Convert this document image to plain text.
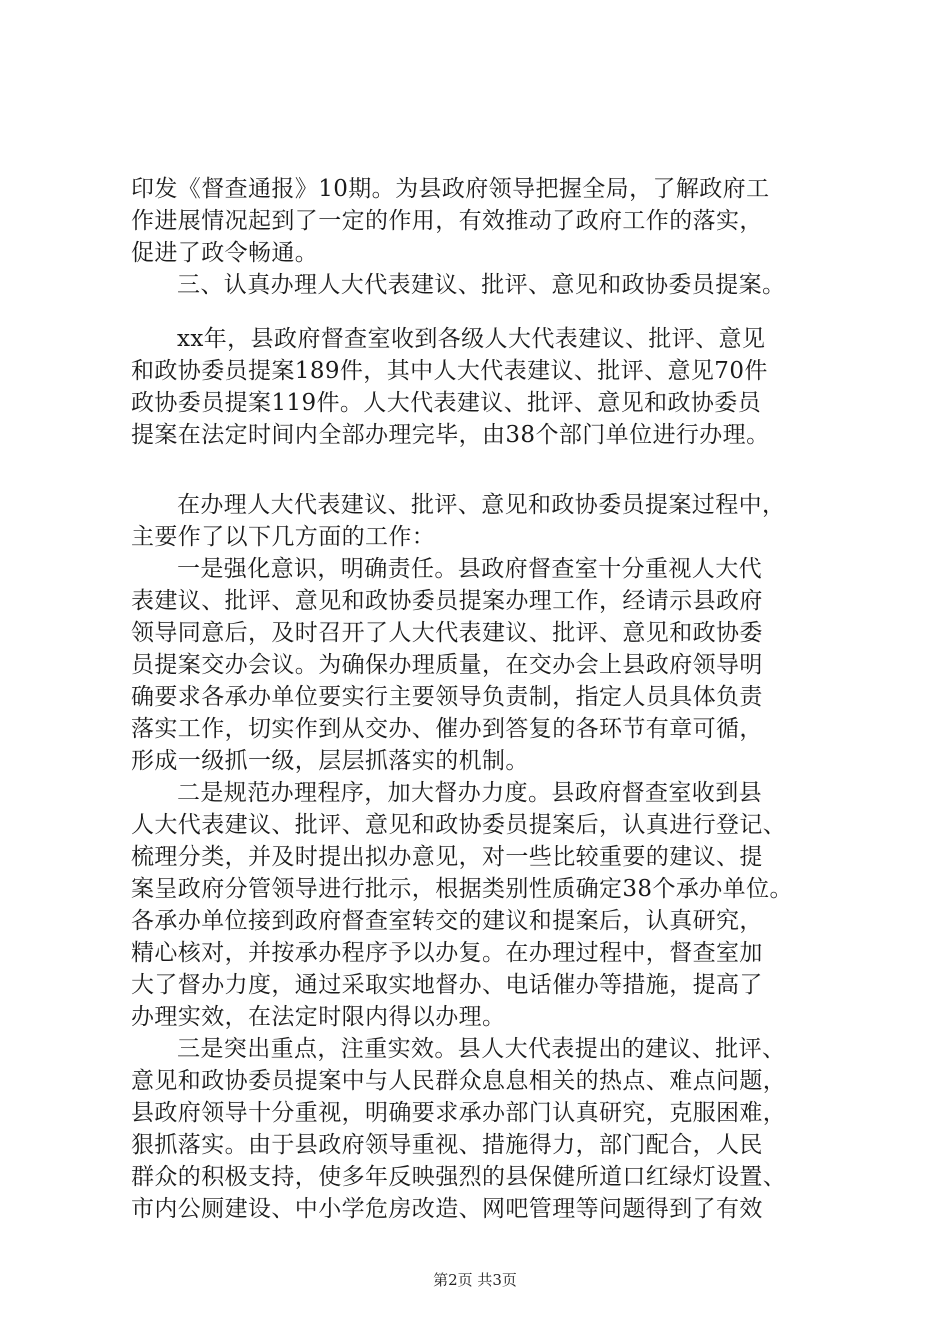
印发《督查通报》10期。为县政府领导把握全局，了解政府工
作进展情况起到了一定的作用，有效推动了政府工作的落实，
促进了政令畅通。
三、认真办理人大代表建议、批评、意见和政协委员提案。
xx年，县政府督查室收到各级人大代表建议、批评、意见
和政协委员提案189件，其中人大代表建议、批评、意见70件
政协委员提案119件。人大代表建议、批评、意见和政协委员
提案在法定时间内全部办理完毕，由38个部门单位进行办理。
在办理人大代表建议、批评、意见和政协委员提案过程中，
主要作了以下几方面的工作：
一是强化意识，明确责任。县政府督查室十分重视人大代
表建议、批评、意见和政协委员提案办理工作，经请示县政府
领导同意后，及时召开了人大代表建议、批评、意见和政协委
员提案交办会议。为确保办理质量，在交办会上县政府领导明
确要求各承办单位要实行主要领导负责制，指定人员具体负责
落实工作，切实作到从交办、催办到答复的各环节有章可循，
形成一级抓一级，层层抓落实的机制。
二是规范办理程序，加大督办力度。县政府督查室收到县
人大代表建议、批评、意见和政协委员提案后，认真进行登记、
梳理分类，并及时提出拟办意见，对一些比较重要的建议、提
案呈政府分管领导进行批示，根据类别性质确定38个承办单位。
各承办单位接到政府督查室转交的建议和提案后，认真研究，
精心核对，并按承办程序予以办复。在办理过程中，督查室加
大了督办力度，通过采取实地督办、电话催办等措施，提高了
办理实效，在法定时限内得以办理。
三是突出重点，注重实效。县人大代表提出的建议、批评、
意见和政协委员提案中与人民群众息息相关的热点、难点问题，
县政府领导十分重视，明确要求承办部门认真研究，克服困难，
狠抓落实。由于县政府领导重视、措施得力，部门配合，人民
群众的积极支持，使多年反映强烈的县保健所道口红绿灯设置、
市内公厕建设、中小学危房改造、网吧管理等问题得到了有效
第2页 共3页
